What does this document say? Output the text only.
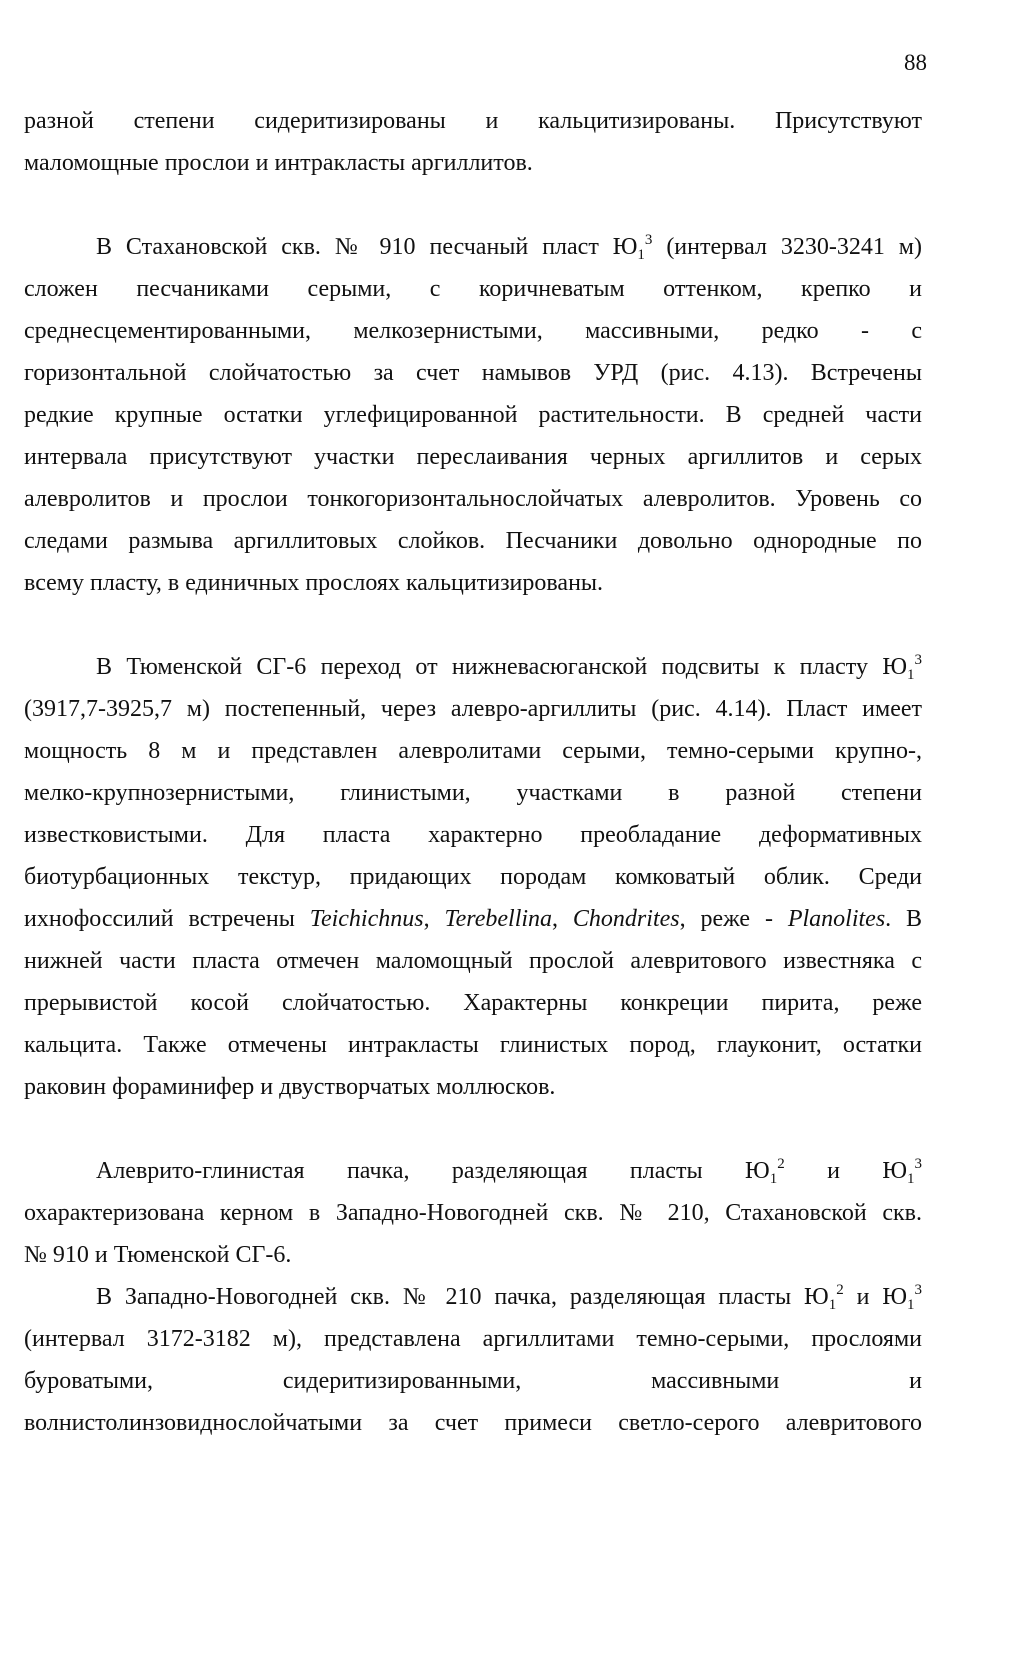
88
разной степени сидеритизированы и кальцитизированы. Присутствуют
маломощные прослои и интракласты аргиллитов.
В Стахановской скв. № 910 песчаный пласт $Ю_1^3$ (интервал 3230-3241 м)
сложен песчаниками серыми, с коричневатым оттенком, крепко и
среднесцементированными, мелкозернистыми, массивными, редко - с
горизонтальной слойчатостью за счет намывов УРД (рис. 4.13). Встречены
редкие крупные остатки углефицированной растительности. В средней части
интервала присутствуют участки переслаивания черных аргиллитов и серых
алевролитов и прослои тонкогоризонтальнослойчатых алевролитов. Уровень со
следами размыва аргиллитовых слойков. Песчаники довольно однородные по
всему пласту, в единичных прослоях кальцитизированы.
В Тюменской СГ-6 переход от нижневасюганской подсвиты к пласту $Ю_1^3$
(3917,7-3925,7 м) постепенный, через алевро-аргиллиты (рис. 4.14). Пласт имеет
мощность 8 м и представлен алевролитами серыми, темно-серыми крупно-,
мелко-крупнозернистыми, глинистыми, участками в разной степени
известковистыми. Для пласта характерно преобладание деформативных
биотурбационных текстур, придающих породам комковатый облик. Среди
ихнофоссилий встречены Teichichnus, Terebellina, Chondrites, реже - Planolites. В
нижней части пласта отмечен маломощный прослой алевритового известняка с
прерывистой косой слойчатостью. Характерны конкреции пирита, реже
кальцита. Также отмечены интракласты глинистых пород, глауконит, остатки
раковин фораминифер и двустворчатых моллюсков.
Алеврито-глинистая пачка, разделяющая пласты $Ю_1^2$ и $Ю_1^3$
охарактеризована керном в Западно-Новогодней скв. № 210, Стахановской скв.
№ 910 и Тюменской СГ-6.
В Западно-Новогодней скв. № 210 пачка, разделяющая пласты $Ю_1^2$ и $Ю_1^3$
(интервал 3172-3182 м), представлена аргиллитами темно-серыми, прослоями
буроватыми, сидеритизированными, массивными и
волнистолинзовиднослойчатыми за счет примеси светло-серого алевритового
